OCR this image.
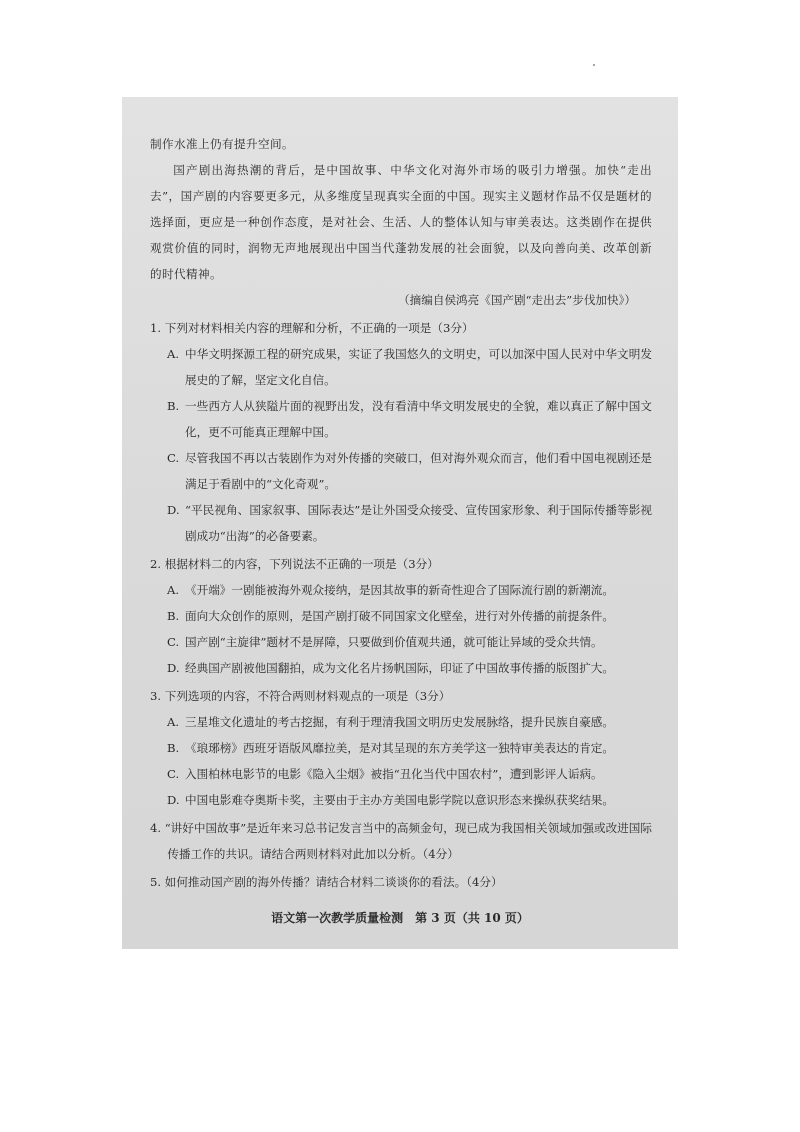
制作水准上仍有提升空间。

国产剧出海热潮的背后，是中国故事、中华文化对海外市场的吸引力增强。加快“走出去”，国产剧的内容要更多元，从多维度呈现真实全面的中国。现实主义题材作品不仅是题材的选择面，更应是一种创作态度，是对社会、生活、人的整体认知与审美表达。这类剧作在提供观赏价值的同时，润物无声地展现出中国当代蓬勃发展的社会面貌，以及向善向美、改革创新的时代精神。

（摘编自侯鸿亮《国产剧“走出去”步伐加快》）

1. 下列对材料相关内容的理解和分析，不正确的一项是（3分）

A. 中华文明探源工程的研究成果，实证了我国悠久的文明史，可以加深中国人民对中华文明发展史的了解，坚定文化自信。
B. 一些西方人从狭隘片面的视野出发，没有看清中华文明发展史的全貌，难以真正了解中国文化，更不可能真正理解中国。
C. 尽管我国不再以古装剧作为对外传播的突破口，但对海外观众而言，他们看中国电视剧还是满足于看剧中的“文化奇观”。
D. “平民视角、国家叙事、国际表达”是让外国受众接受、宣传国家形象、利于国际传播等影视剧成功“出海”的必备要素。

2. 根据材料二的内容，下列说法不正确的一项是（3分）

A. 《开端》一剧能被海外观众接纳，是因其故事的新奇性迎合了国际流行剧的新潮流。
B. 面向大众创作的原则，是国产剧打破不同国家文化壁垒，进行对外传播的前提条件。
C. 国产剧“主旋律”题材不是屏障，只要做到价值观共通，就可能让异域的受众共情。
D. 经典国产剧被他国翻拍，成为文化名片扬帆国际，印证了中国故事传播的版图扩大。

3. 下列选项的内容，不符合两则材料观点的一项是（3分）

A. 三星堆文化遗址的考古挖掘，有利于理清我国文明历史发展脉络，提升民族自豪感。
B. 《琅琊榜》西班牙语版风靡拉美，是对其呈现的东方美学这一独特审美表达的肯定。
C. 入围柏林电影节的电影《隐入尘烟》被指“丑化当代中国农村”，遭到影评人诟病。
D. 中国电影难夺奥斯卡奖，主要由于主办方美国电影学院以意识形态来操纵获奖结果。

4. “讲好中国故事”是近年来习总书记发言当中的高频金句，现已成为我国相关领域加强或改进国际传播工作的共识。请结合两则材料对此加以分析。（4分）

5. 如何推动国产剧的海外传播？请结合材料二谈谈你的看法。（4分）

语文第一次教学质量检测　第 3 页（共 10 页）
